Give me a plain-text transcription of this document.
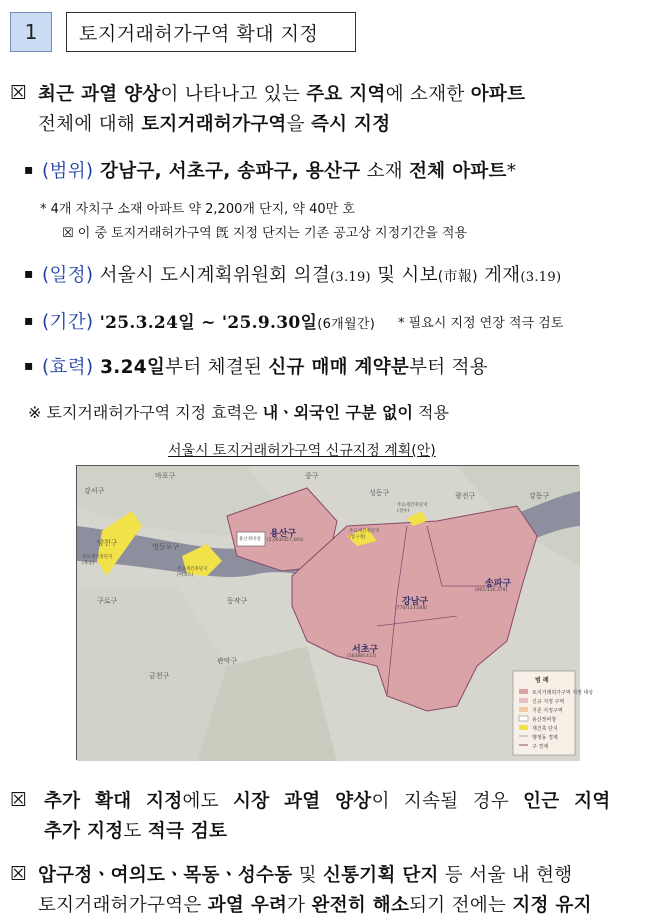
1 토지거래허가구역 확대 지정
☒ 최근 과열 양상이 나타나고 있는 주요 지역에 소재한 아파트
전체에 대해 토지거래허가구역을 즉시 지정
▪ (범위) 강남구, 서초구, 송파구, 용산구 소재 전체 아파트*
* 4개 자치구 소재 아파트 약 2,200개 단지, 약 40만 호
☒ 이 중 토지거래허가구역 旣 지정 단지는 기존 공고상 지정기간을 적용
▪ (일정) 서울시 도시계획위원회 의결(3.19) 및 시보(市報) 게재(3.19)
▪ (기간) '25.3.24일 ~ '25.9.30일(6개월간) * 필요시 지정 연장 적극 검토
▪ (효력) 3.24일부터 체결된 신규 매매 계약분부터 적용
※ 토지거래허가구역 지정 효력은 내ㆍ외국인 구분 없이 적용
서울시 토지거래허가구역 신규지정 계획(안)
강서구
마포구
양천구	영등포구
구로구
금천구
관악구
동작구
중구
성동구	광진구	강동구
용산구
(2,063/357,493)
강남구
(770/113,048)
송파구
(901/130,379)
서초구
(563/80,411)
주요재건축단지
(목동)
주요재건축단지
(여의도)
주요재건축단지
(압구정)
주요재건축단지
(성수)
용산정비창
범 례
토지거래허가구역 지정 대상
신규 지정 구역
기존 지정구역
용산정비창
재건축 단지
행정동 경계
구 경계
☒ 추가 확대 지정에도 시장 과열 양상이 지속될 경우 인근 지역
추가 지정도 적극 검토
☒ 압구정ㆍ여의도ㆍ목동ㆍ성수동 및 신통기획 단지 등 서울 내 현행
토지거래허가구역은 과열 우려가 완전히 해소되기 전에는 지정 유지
